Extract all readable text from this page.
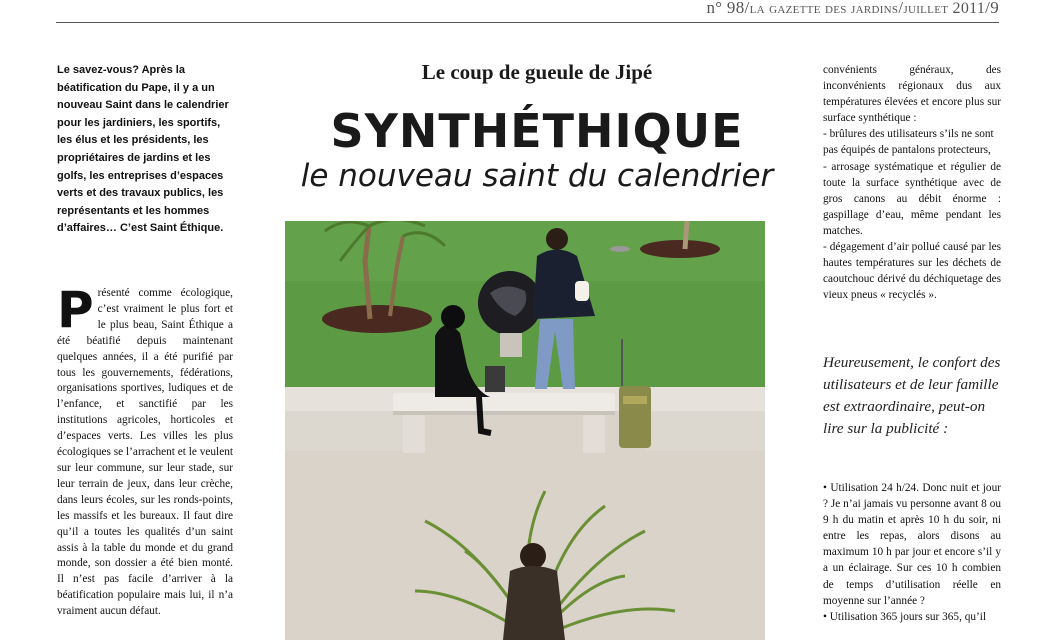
n° 98/la gazette des jardins/juillet 2011/9
Le savez-vous? Après la béatification du Pape, il y a un nouveau Saint dans le calendrier pour les jardiniers, les sportifs, les élus et les présidents, les propriétaires de jardins et les golfs, les entreprises d’espaces verts et des travaux publics, les représentants et les hommes d’affaires… C’est Saint Éthique.
P résenté comme écologique, c’est vraiment le plus fort et le plus beau, Saint Éthique a été béatifié depuis maintenant quelques années, il a été purifié par tous les gouvernements, fédérations, organisations sportives, ludiques et de l’enfance, et sanctifié par les institutions agricoles, horticoles et d’espaces verts. Les villes les plus écologiques se l’arrachent et le veulent sur leur commune, sur leur stade, sur leur terrain de jeux, dans leur crèche, dans leurs écoles, sur les ronds-points, les massifs et les bureaux. Il faut dire qu’il a toutes les qualités d’un saint assis à la table du monde et du grand monde, son dossier a été bien monté. Il n’est pas facile d’arriver à la béatification populaire mais lui, il n’a vraiment aucun défaut.
Le coup de gueule de Jipé
SYNTHÉTHIQUE
le nouveau saint du calendrier

convénients généraux, des inconvénients régionaux dus aux températures élevées et encore plus sur surface synthétique :

- brûlures des utilisateurs s’ils ne sont pas équipés de pantalons protecteurs,

- arrosage systématique et régulier de toute la surface synthétique avec de gros canons au débit énorme : gaspillage d’eau, même pendant les matches.

- dégagement d’air pollué causé par les hautes températures sur les déchets de caoutchouc dérivé du déchiquetage des vieux pneus « recyclés ».

Heureusement, le confort des utilisateurs et de leur famille est extraordinaire, peut-on lire sur la publicité :

• Utilisation 24 h/24. Donc nuit et jour ? Je n’ai jamais vu personne avant 8 ou 9 h du matin et après 10 h du soir, ni entre les repas, alors disons au maximum 10 h par jour et encore s’il y a un éclairage. Sur ces 10 h combien de temps d’utilisation réelle en moyenne sur l’année ?

• Utilisation 365 jours sur 365, qu’il
